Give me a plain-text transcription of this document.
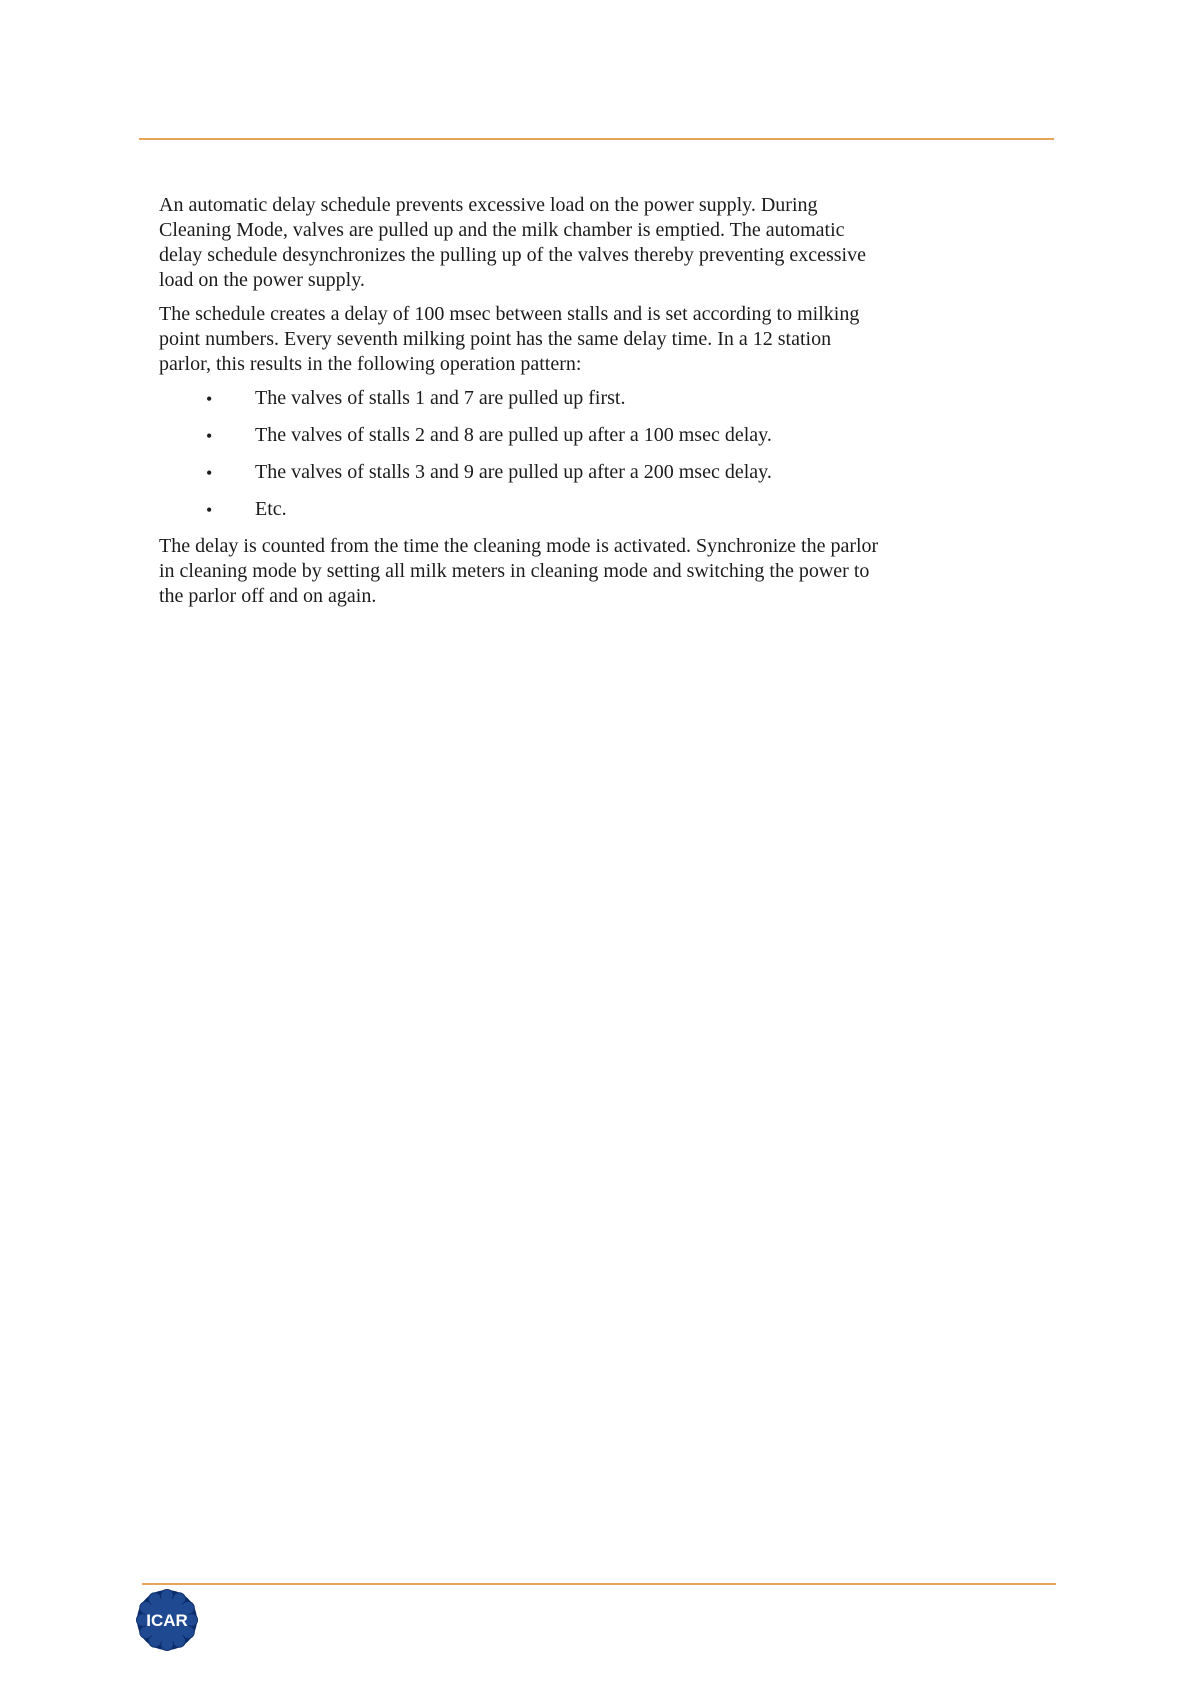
An automatic delay schedule prevents excessive load on the power supply. During Cleaning Mode, valves are pulled up and the milk chamber is emptied. The automatic delay schedule desynchronizes the pulling up of the valves thereby preventing excessive load on the power supply.

The schedule creates a delay of 100 msec between stalls and is set according to milking point numbers. Every seventh milking point has the same delay time. In a 12 station parlor, this results in the following operation pattern:

• The valves of stalls 1 and 7 are pulled up first.
• The valves of stalls 2 and 8 are pulled up after a 100 msec delay.
• The valves of stalls 3 and 9 are pulled up after a 200 msec delay.
• Etc.

The delay is counted from the time the cleaning mode is activated. Synchronize the parlor in cleaning mode by setting all milk meters in cleaning mode and switching the power to the parlor off and on again.

ICAR
